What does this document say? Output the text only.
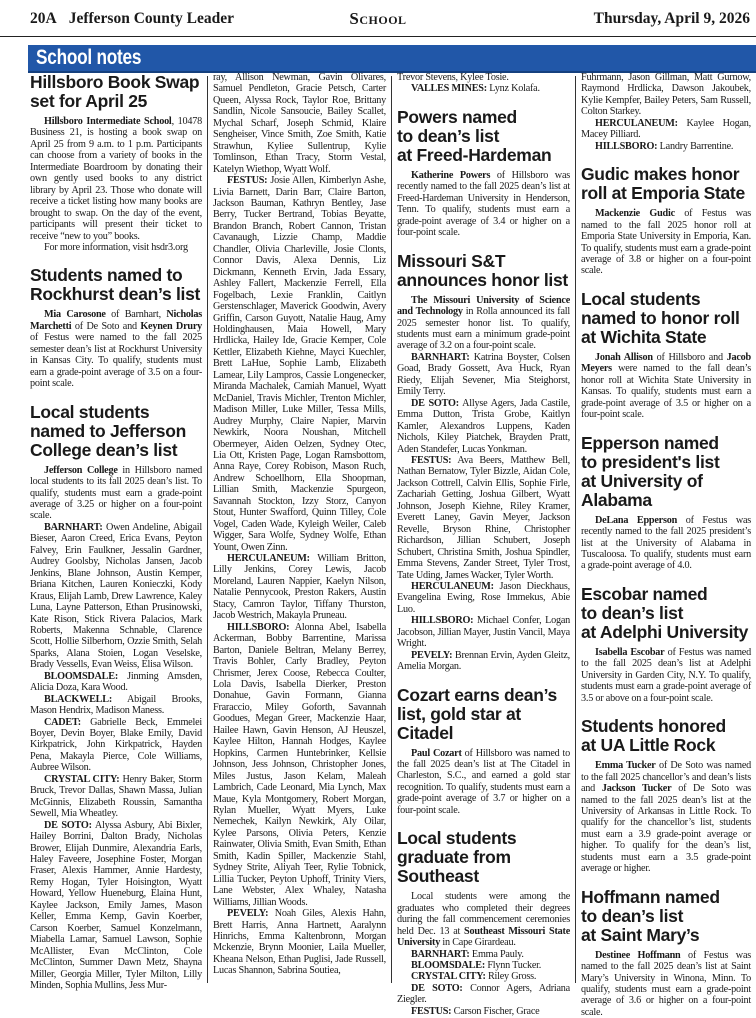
20A Jefferson County Leader	School	Thursday, April 9, 2026
School notes
Hillsboro Book Swap set for April 25

Hillsboro Intermediate School, 10478 Business 21, is hosting a book swap on April 25 from 9 a.m. to 1 p.m. Participants can choose from a variety of books in the Intermediate Boardroom by donating their own gently used books to any district library by April 23. Those who donate will receive a ticket listing how many books are brought to swap. On the day of the event, participants will present their ticket to receive “new to you” books.

For more information, visit hsdr3.org

Students named to Rockhurst dean’s list

Mia Carosone of Barnhart, Nicholas Marchetti of De Soto and Keynen Drury of Festus were named to the fall 2025 semester dean’s list at Rockhurst University in Kansas City. To qualify, students must earn a grade-point average of 3.5 on a four-point scale.

Local students named to Jefferson College dean’s list

Jefferson College in Hillsboro named local students to its fall 2025 dean’s list. To qualify, students must earn a grade-point average of 3.25 or higher on a four-point scale.

BARNHART: Owen Andeline, Abigail Bieser, Aaron Creed, Erica Evans, Peyton Falvey, Erin Faulkner, Jessalin Gardner, Audrey Goolsby, Nicholas Jansen, Jacob Jenkins, Blane Johnson, Austin Kemper, Briana Kitchen, Lauren Konieczki, Kody Kraus, Elijah Lamb, Drew Lawrence, Kaley Luna, Layne Patterson, Ethan Prusinowski, Kate Rison, Stick Rivera Palacios, Mark Roberts, Makenna Schnable, Clarence Scott, Hollie Silberhorn, Ozzie Smith, Selah Sparks, Alana Stoien, Logan Veselske, Brady Vessells, Evan Weiss, Elisa Wilson.

BLOOMSDALE: Jinming Amsden, Alicia Doza, Kara Wood.

BLACKWELL: Abigail Brooks, Mason Hendrix, Madison Maness.

CADET: Gabrielle Beck, Emmelei Boyer, Devin Boyer, Blake Emily, David Kirkpatrick, John Kirkpatrick, Hayden Pena, Makayla Pierce, Cole Williams, Aubree Wilson.

CRYSTAL CITY: Henry Baker, Storm Bruck, Trevor Dallas, Shawn Massa, Julian McGinnis, Elizabeth Roussin, Samantha Sewell, Mia Wheatley.

DE SOTO: Alyssa Asbury, Abi Bixler, Hailey Borrini, Dalton Brady, Nicholas Brower, Elijah Dunmire, Alexandria Earls, Haley Faveere, Josephine Foster, Morgan Fraser, Alexis Hammer, Annie Hardesty, Remy Hogan, Tyler Hoisington, Wyatt Howard, Yellow Hueneburg, Elaina Hunt, Kaylee Jackson, Emily James, Mason Keller, Emma Kemp, Gavin Koerber, Carson Koerber, Samuel Konzelmann, Miabella Lamar, Samuel Lawson, Sophie McAllister, Evan McClinton, Cole McClinton, Summer Dawn Metz, Shayna Miller, Georgia Miller, Tyler Milton, Lilly Minden, Sophia Mullins, Jess Mur-

ray, Allison Newman, Gavin Olivares, Samuel Pendleton, Gracie Petsch, Carter Queen, Alyssa Rock, Taylor Roe, Brittany Sandlin, Nicole Sansoucie, Bailey Scallet, Mychal Scharf, Joseph Schmid, Klaire Sengheiser, Vince Smith, Zoe Smith, Katie Strawhun, Kyliee Sullentrup, Kylie Tomlinson, Ethan Tracy, Storm Vestal, Katelyn Wiethop, Wyatt Wolf.

FESTUS: Josie Allen, Kimberlyn Ashe, Livia Barnett, Darin Barr, Claire Barton, Jackson Bauman, Kathryn Bentley, Jase Berry, Tucker Bertrand, Tobias Beyatte, Brandon Branch, Robert Cannon, Tristan Cavanaugh, Lizzie Champ, Maddie Chandler, Olivia Charleville, Josie Clonts, Connor Davis, Alexa Dennis, Liz Dickmann, Kenneth Ervin, Jada Essary, Ashley Fallert, Mackenzie Ferrell, Ella Fogelbach, Lexie Franklin, Caitlyn Gerstenschlager, Maverick Goodwin, Avery Griffin, Carson Guyott, Natalie Haug, Amy Holdinghausen, Maia Howell, Mary Hrdlicka, Hailey Ide, Gracie Kemper, Cole Kettler, Elizabeth Kiehne, Mayci Kuechler, Brett LaHue, Sophie Lamb, Elizabeth Lamear, Lily Lampros, Cassie Longenecker, Miranda Machalek, Camiah Manuel, Wyatt McDaniel, Travis Michler, Trenton Michler, Madison Miller, Luke Miller, Tessa Mills, Audrey Murphy, Claire Napier, Marvin Newkirk, Noora Noushan, Mitchell Obermeyer, Aiden Oelzen, Sydney Otec, Lia Ott, Kristen Page, Logan Ramsbottom, Anna Raye, Corey Robison, Mason Ruch, Andrew Schoellhorn, Ella Shoopman, Lillian Smith, Mackenzie Spurgeon, Savannah Stockton, Izzy Storz, Canyon Stout, Hunter Swafford, Quinn Tilley, Cole Vogel, Caden Wade, Kyleigh Weiler, Caleb Wigger, Sara Wolfe, Sydney Wolfe, Ethan Yount, Owen Zinn.

HERCULANEUM: William Britton, Lilly Jenkins, Corey Lewis, Jacob Moreland, Lauren Nappier, Kaelyn Nilson, Natalie Pennycook, Preston Rakers, Austin Stacy, Camron Taylor, Tiffany Thurston, Jacob Westrich, Makayla Pruneau.

HILLSBORO: Alonna Abel, Isabella Ackerman, Bobby Barrentine, Marissa Barton, Daniele Beltran, Melany Berrey, Travis Bohler, Carly Bradley, Peyton Chrismer, Jerex Coose, Rebecca Coulter, Lola Davis, Isabella Dierker, Preston Donahue, Gavin Formann, Gianna Fraraccio, Miley Goforth, Savannah Goodues, Megan Greer, Mackenzie Haar, Hailee Hawn, Gavin Henson, AJ Heuszel, Kaylee Hilton, Hannah Hodges, Kaylee Hopkins, Carmen Huntebrinker, Kellsie Johnson, Jess Johnson, Christopher Jones, Miles Justus, Jason Kelam, Maleah Lambrich, Cade Leonard, Mia Lynch, Max Maue, Kyla Montgomery, Robert Morgan, Rylan Mueller, Wyatt Myers, Luke Nemechek, Kailyn Newkirk, Aly Oilar, Kylee Parsons, Olivia Peters, Kenzie Rainwater, Olivia Smith, Evan Smith, Ethan Smith, Kadin Spiller, Mackenzie Stahl, Sydney Strite, Aliyah Teer, Rylie Tobnick, Lillia Tucker, Peyton Uphoff, Trinity Viers, Lane Webster, Alex Whaley, Natasha Williams, Jillian Woods.

PEVELY: Noah Giles, Alexis Hahn, Brett Harris, Anna Hartnett, Aaralynn Hinrichs, Emma Kaltenbronn, Morgan Mckenzie, Brynn Moonier, Laila Mueller, Kheana Nelson, Ethan Puglisi, Jade Russell, Lucas Shannon, Sabrina Soutiea,

Trevor Stevens, Kylee Tosie.

VALLES MINES: Lynz Kolafa.

Powers named
to dean’s list
at Freed-Hardeman

Katherine Powers of Hillsboro was recently named to the fall 2025 dean’s list at Freed-Hardeman University in Henderson, Tenn. To qualify, students must earn a grade-point average of 3.4 or higher on a four-point scale.

Missouri S&T
announces honor list

The Missouri University of Science and Technology in Rolla announced its fall 2025 semester honor list. To qualify, students must earn a minimum grade-point average of 3.2 on a four-point scale.

BARNHART: Katrina Boyster, Colsen Goad, Brady Gossett, Ava Huck, Ryan Riedy, Elijah Sevener, Mia Steighorst, Emily Terry.

DE SOTO: Allyse Agers, Jada Castile, Emma Dutton, Trista Grobe, Kaitlyn Kamler, Alexandros Luppens, Kaden Nichols, Kiley Piatchek, Brayden Pratt, Aden Standefer, Lucas Yonkman.

FESTUS: Ava Beers, Matthew Bell, Nathan Bernatow, Tyler Bizzle, Aidan Cole, Jackson Cottrell, Calvin Ellis, Sophie Firle, Zachariah Getting, Joshua Gilbert, Wyatt Johnson, Joseph Kiehne, Riley Kramer, Everett Laney, Gavin Meyer, Jackson Revelle, Bryson Rhine, Christopher Richardson, Jillian Schubert, Joseph Schubert, Christina Smith, Joshua Spindler, Emma Stevens, Zander Street, Tyler Trost, Tate Uding, James Wacker, Tyler Worth.

HERCULANEUM: Jason Dieckhaus, Evangelina Ewing, Rose Immekus, Abie Luo.

HILLSBORO: Michael Confer, Logan Jacobson, Jillian Mayer, Justin Vancil, Maya Wright.

PEVELY: Brennan Ervin, Ayden Gleitz, Amelia Morgan.

Cozart earns dean’s
list, gold star at Citadel

Paul Cozart of Hillsboro was named to the fall 2025 dean’s list at The Citadel in Charleston, S.C., and earned a gold star recognition. To qualify, students must earn a grade-point average of 3.7 or higher on a four-point scale.

Local students
graduate from
Southeast

Local students were among the graduates who completed their degrees during the fall commencement ceremonies held Dec. 13 at Southeast Missouri State University in Cape Girardeau.

BARNHART: Emma Pauly.

BLOOMSDALE: Flynn Tucker.

CRYSTAL CITY: Riley Gross.

DE SOTO: Connor Agers, Adriana Ziegler.

FESTUS: Carson Fischer, Grace

Fuhrmann, Jason Gillman, Matt Gurnow, Raymond Hrdlicka, Dawson Jakoubek, Kylie Kempfer, Bailey Peters, Sam Russell, Colton Starkey.

HERCULANEUM: Kaylee Hogan, Macey Pilliard.

HILLSBORO: Landry Barrentine.

Gudic makes honor
roll at Emporia State

Mackenzie Gudic of Festus was named to the fall 2025 honor roll at Emporia State University in Emporia, Kan. To qualify, students must earn a grade-point average of 3.8 or higher on a four-point scale.

Local students
named to honor roll
at Wichita State

Jonah Allison of Hillsboro and Jacob Meyers were named to the fall dean’s honor roll at Wichita State University in Kansas. To qualify, students must earn a grade-point average of 3.5 or higher on a four-point scale.

Epperson named
to president's list
at University of Alabama

DeLana Epperson of Festus was recently named to the fall 2025 president’s list at the University of Alabama in Tuscaloosa. To qualify, students must earn a grade-point average of 4.0.

Escobar named
to dean’s list
at Adelphi University

Isabella Escobar of Festus was named to the fall 2025 dean’s list at Adelphi University in Garden City, N.Y. To qualify, students must earn a grade-point average of 3.5 or above on a four-point scale.

Students honored
at UA Little Rock

Emma Tucker of De Soto was named to the fall 2025 chancellor’s and dean’s lists and Jackson Tucker of De Soto was named to the fall 2025 dean’s list at the University of Arkansas in Little Rock. To qualify for the chancellor’s list, students must earn a 3.9 grade-point average or higher. To qualify for the dean’s list, students must earn a 3.5 grade-point average or higher.

Hoffmann named
to dean’s list
at Saint Mary’s

Destinee Hoffmann of Festus was named to the fall 2025 dean’s list at Saint Mary’s University in Winona, Minn. To qualify, students must earn a grade-point average of 3.6 or higher on a four-point scale.
